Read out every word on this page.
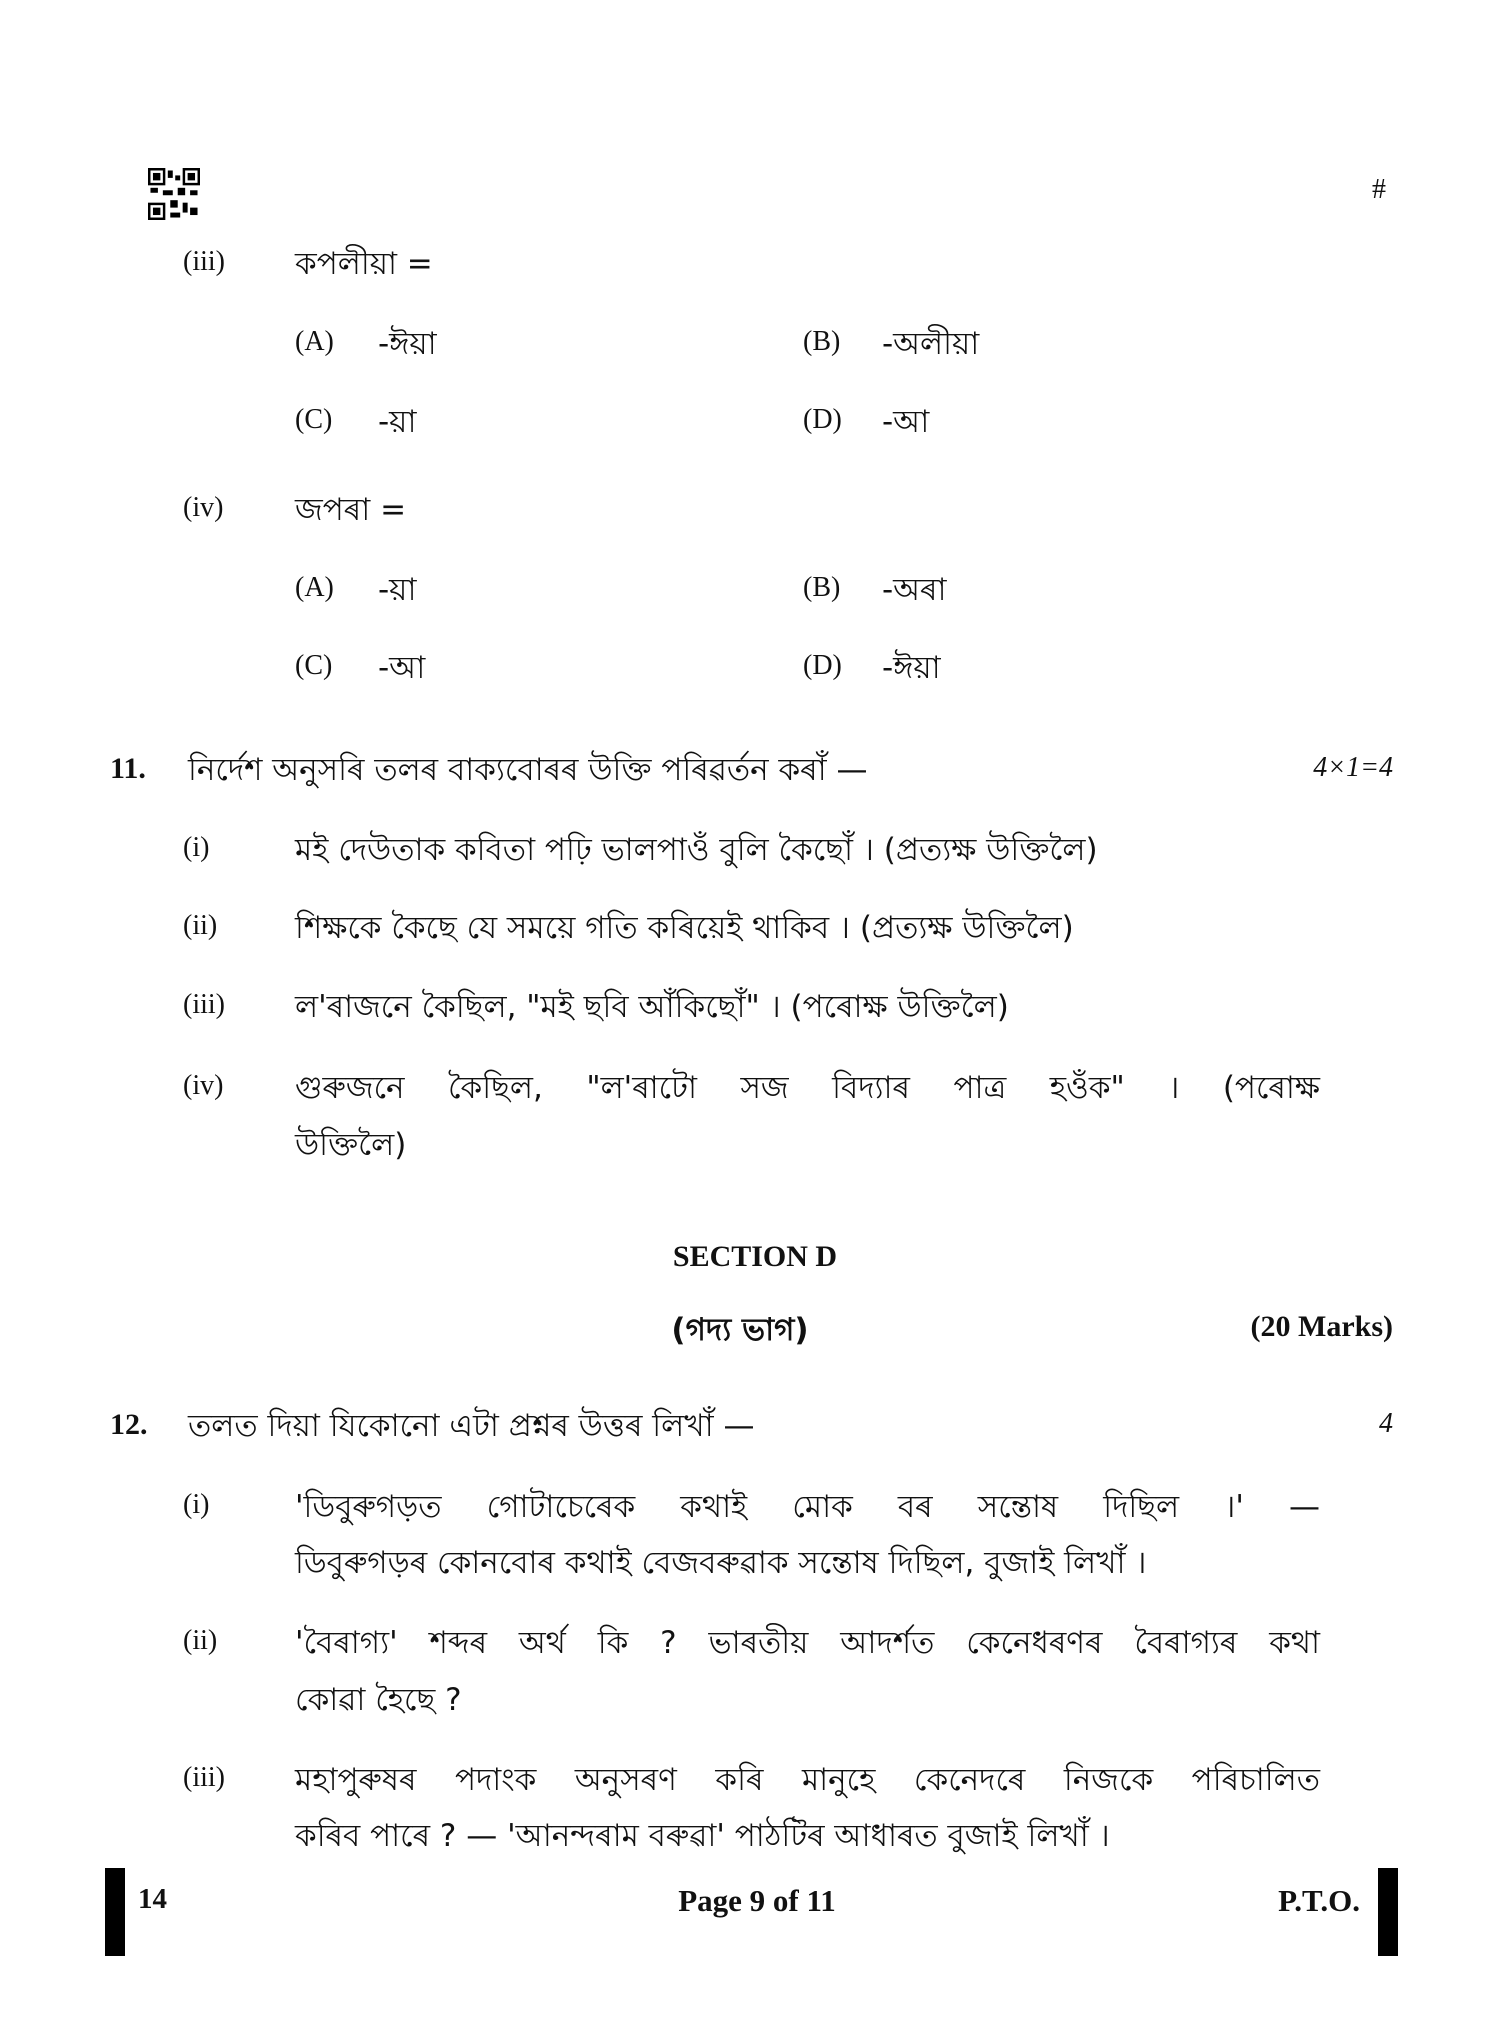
#
(iii) কপলীয়া =
(A) -ঈয়া	(B) -অলীয়া
(C) -য়া	(D) -আ
(iv) জপৰা =
(A) -য়া	(B) -অৰা
(C) -আ	(D) -ঈয়া
11. নিৰ্দেশ অনুসৰি তলৰ বাক্যবোৰৰ উক্তি পৰিৱৰ্তন কৰাঁ —	4×1=4
(i)	মই দেউতাক কবিতা পঢ়ি ভালপাওঁ বুলি কৈছোঁ । (প্ৰত্যক্ষ উক্তিলৈ)
(ii)	শিক্ষকে কৈছে যে সময়ে গতি কৰিয়েই থাকিব । (প্ৰত্যক্ষ উক্তিলৈ)
(iii) ল'ৰাজনে কৈছিল, "মই ছবি আঁকিছোঁ" । (পৰোক্ষ উক্তিলৈ)
(iv) গুৰুজনে কৈছিল, "ল'ৰাটো সজ বিদ্যাৰ পাত্ৰ হওঁক" । (পৰোক্ষ
উক্তিলৈ)
SECTION D
(গদ্য ভাগ)	(20 Marks)
12. তলত দিয়া যিকোনো এটা প্ৰশ্নৰ উত্তৰ লিখাঁ —	4
(i)	'ডিবুৰুগড়ত গোটাচেৰেক কথাই মোক বৰ সন্তোষ দিছিল ।' —
ডিবুৰুগড়ৰ কোনবোৰ কথাই বেজবৰুৱাক সন্তোষ দিছিল, বুজাই লিখাঁ ।
(ii)	'বৈৰাগ্য' শব্দৰ অৰ্থ কি ? ভাৰতীয় আদৰ্শত কেনেধৰণৰ বৈৰাগ্যৰ কথা
কোৱা হৈছে ?
(iii) মহাপুৰুষৰ পদাংক অনুসৰণ কৰি মানুহে কেনেদৰে নিজকে পৰিচালিত
কৰিব পাৰে ? — 'আনন্দৰাম বৰুৱা' পাঠটিৰ আধাৰত বুজাই লিখাঁ ।
14	Page 9 of 11	P.T.O.
